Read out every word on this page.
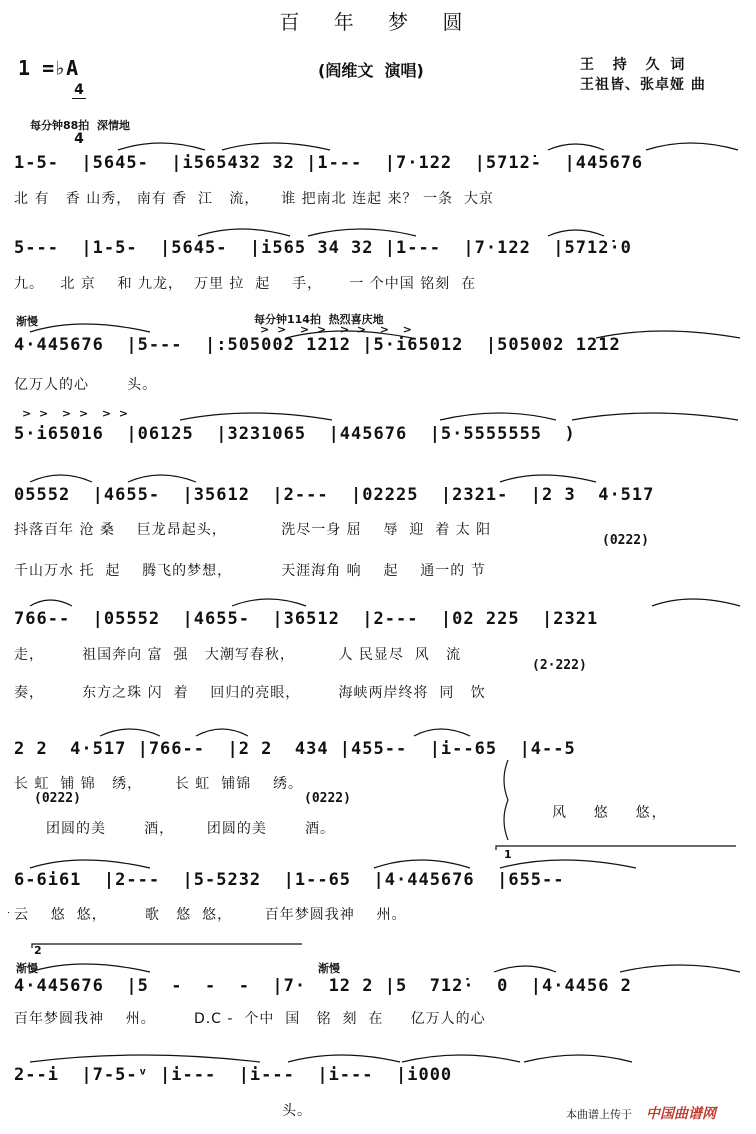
百 年 梦 圆
1 =♭A

4

4

(阎维文  演唱)	王  持  久 词
王祖皆、张卓娅 曲
每分钟88拍  深情地
1-5-  |5645-  |i565432 32 |1---  |7·122  |5712̇-  |445676
北 有   香 山秀， 南有 香  江   流，    谁 把南北 连起 来？ 一条  大京
5---  |1-5-  |5645-  |i565 34 32 |1---  |7·122  |5712̇·0
九。   北 京    和 九龙，  万里 拉  起    手，     一 个中国 铭刻  在
渐慢	每分钟114拍  热烈喜庆地
> >  > >  > >  >  >
4·445676  |5---  |:505002 1212 |5·i65012  |505002 1212
亿万人的心       头。
> >  > >  > >
5·i65016  |06125  |3231065  |445676  |5·5555555  )
05552  |4655-  |35612  |2---  |02225  |2321-  |2 3  4·517
抖落百年 沧 桑    巨龙昂起头，          洗尽一身 屈    辱  迎  着 太 阳
(0222)
千山万水 托  起    腾飞的梦想，         天涯海角 响    起    通一的 节
766--  |05552  |4655-  |36512  |2---  |02 225  |2321
走，       祖国奔向 富  强   大潮写春秋，        人 民显尽  风   流
(2·222)
奏，       东方之珠 闪  着    回归的亮眼，       海峡两岸终将  同   饮
2 2  4·517 |766--  |2 2  434 |455--  |i--65  |4--5
长 虹  铺 锦   绣，      长 虹  铺锦    绣。
(0222)	(0222)
团圆的美       酒，      团圆的美       酒。
风    悠    悠，
1
6-6i61  |2---  |5-5232  |1--65  |4·445676  |655--
云    悠  悠，       歌   悠  悠，      百年梦圆我神    州。
2
渐慢	渐慢
4·445676  |5  -  -  -  |7·  12 2 |5  712̇·  0  |4·4456 2
百年梦圆我神    州。       D.C -  个中  国   铭  刻  在     亿万人的心
2--i  |7-5-ᵛ |i---  |i---  |i---  |i000
头。	本曲谱上传于 中国曲谱网
